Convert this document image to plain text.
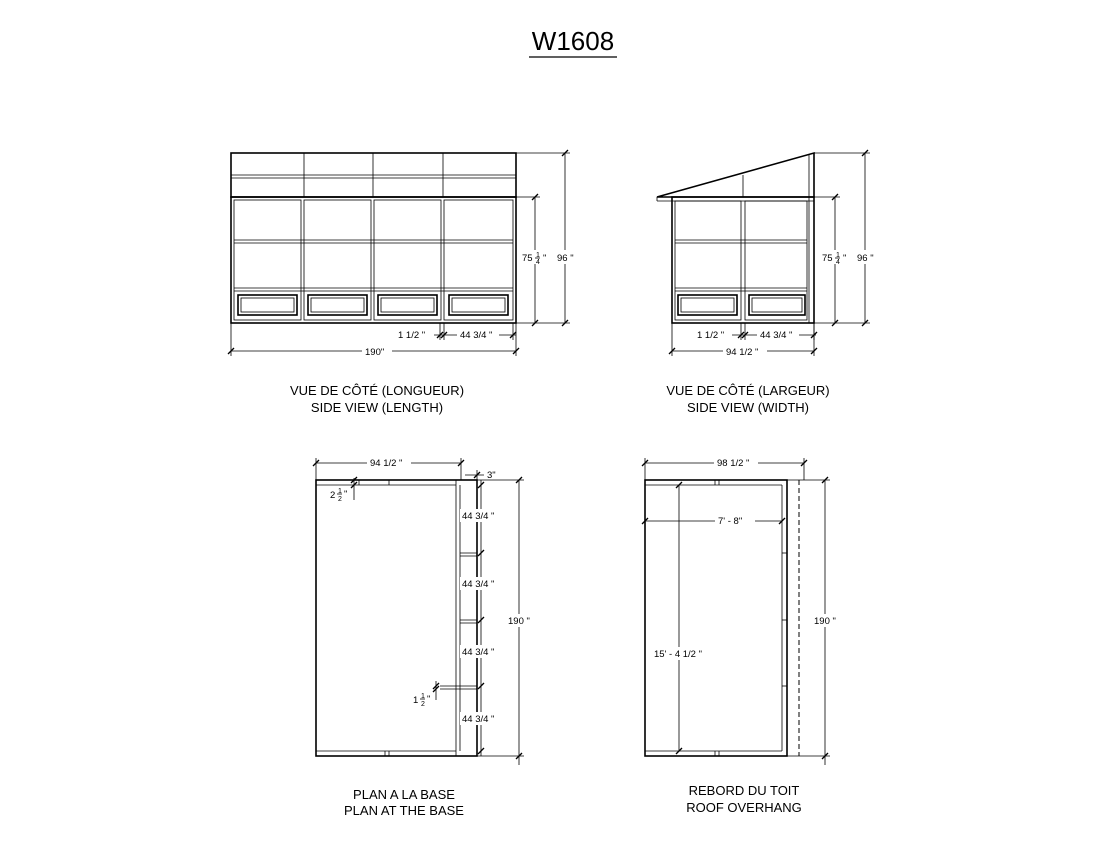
W1608
75 1
4 " 96 "
1 1/2 "	44 3/4 "
190"
VUE DE CÔTÉ (LONGUEUR)
SIDE VIEW (LENGTH)
75 1
4 " 96 "
1 1/2 "	44 3/4 "
94 1/2 "
VUE DE CÔTÉ (LARGEUR)
SIDE VIEW (WIDTH)
94 1/2 "
3"
2 1
2 "
44 3/4 "
44 3/4 "
44 3/4 "
44 3/4 "
190 "
1 1
2 "
PLAN A LA BASE
PLAN AT THE BASE
98 1/2 "
7' - 8"
15' - 4 1/2 "
190 "
REBORD DU TOIT
ROOF OVERHANG
